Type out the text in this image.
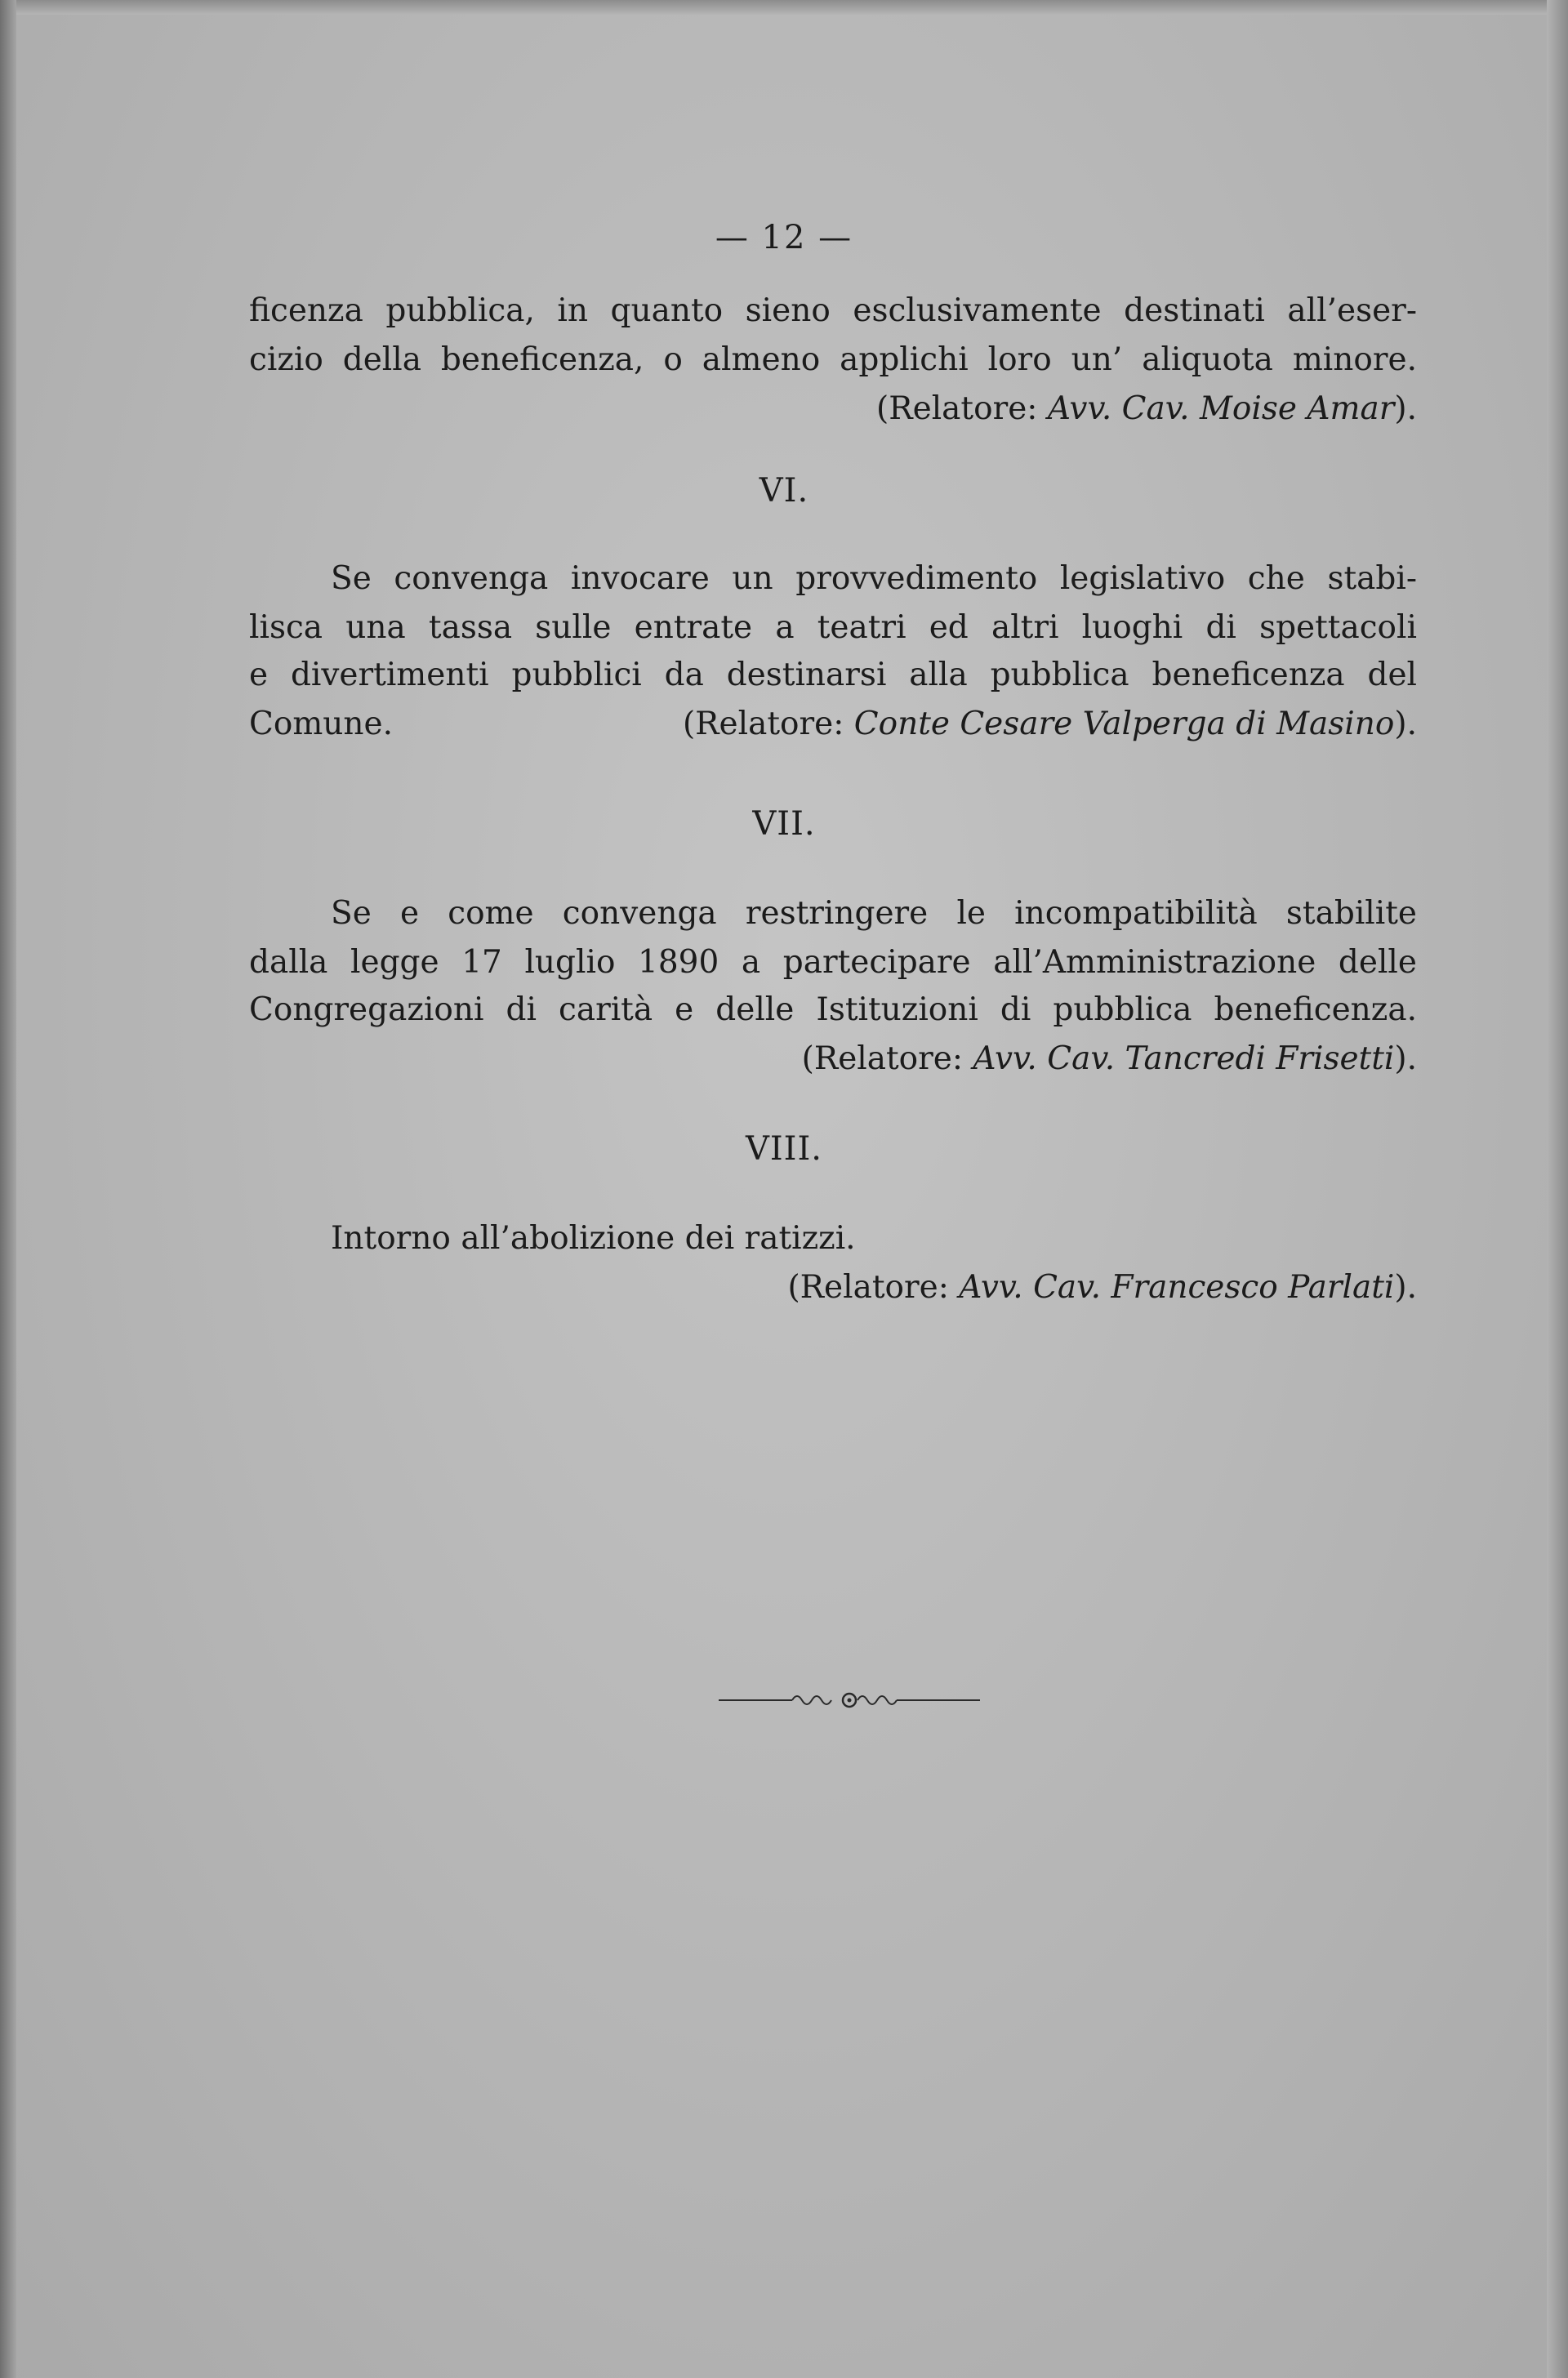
— 12 —
ficenza pubblica, in quanto sieno esclusivamente destinati all’eser-
cizio della beneficenza, o almeno applichi loro un’ aliquota minore.
(Relatore: Avv. Cav. Moise Amar).
VI.
Se convenga invocare un provvedimento legislativo che stabi-
lisca una tassa sulle entrate a teatri ed altri luoghi di spettacoli
e divertimenti pubblici da destinarsi alla pubblica beneficenza del
Comune.	(Relatore: Conte Cesare Valperga di Masino).
VII.
Se e come convenga restringere le incompatibilità stabilite
dalla legge 17 luglio 1890 a partecipare all’Amministrazione delle
Congregazioni di carità e delle Istituzioni di pubblica beneficenza.
(Relatore: Avv. Cav. Tancredi Frisetti).
VIII.
Intorno all’abolizione dei ratizzi.
(Relatore: Avv. Cav. Francesco Parlati).
